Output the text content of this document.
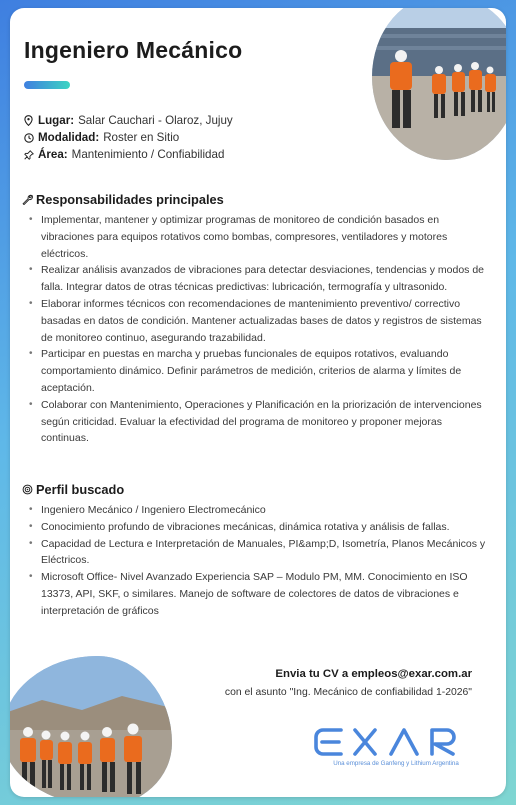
Ingeniero Mecánico
Lugar: Salar Cauchari - Olaroz, Jujuy
Modalidad: Roster en Sitio
Área: Mantenimiento / Confiabilidad
Responsabilidades principales
• Implementar, mantener y optimizar programas de monitoreo de condición basados en vibraciones para equipos rotativos como bombas, compresores, ventiladores y motores eléctricos.
• Realizar análisis avanzados de vibraciones para detectar desviaciones, tendencias y modos de falla. Integrar datos de otras técnicas predictivas: lubricación, termografía y ultrasonido.
• Elaborar informes técnicos con recomendaciones de mantenimiento preventivo/ correctivo basadas en datos de condición. Mantener actualizadas bases de datos y registros de sistemas de monitoreo continuo, asegurando trazabilidad.
• Participar en puestas en marcha y pruebas funcionales de equipos rotativos, evaluando comportamiento dinámico. Definir parámetros de medición, criterios de alarma y límites de aceptación.
• Colaborar con Mantenimiento, Operaciones y Planificación en la priorización de intervenciones según criticidad. Evaluar la efectividad del programa de monitoreo y proponer mejoras continuas.
Perfil buscado
• Ingeniero Mecánico / Ingeniero Electromecánico
• Conocimiento profundo de vibraciones mecánicas, dinámica rotativa y análisis de fallas.
• Capacidad de Lectura e Interpretación de Manuales, PI&amp;D, Isometría, Planos Mecánicos y Eléctricos.
• Microsoft Office- Nivel Avanzado Experiencia SAP – Modulo PM, MM. Conocimiento en ISO 13373, API, SKF, o similares. Manejo de software de colectores de datos de vibraciones e interpretación de gráficos
Envia tu CV a empleos@exar.com.ar
con el asunto "Ing. Mecánico de confiabilidad 1-2026"
Una empresa de Ganfeng y Lithium Argentina
